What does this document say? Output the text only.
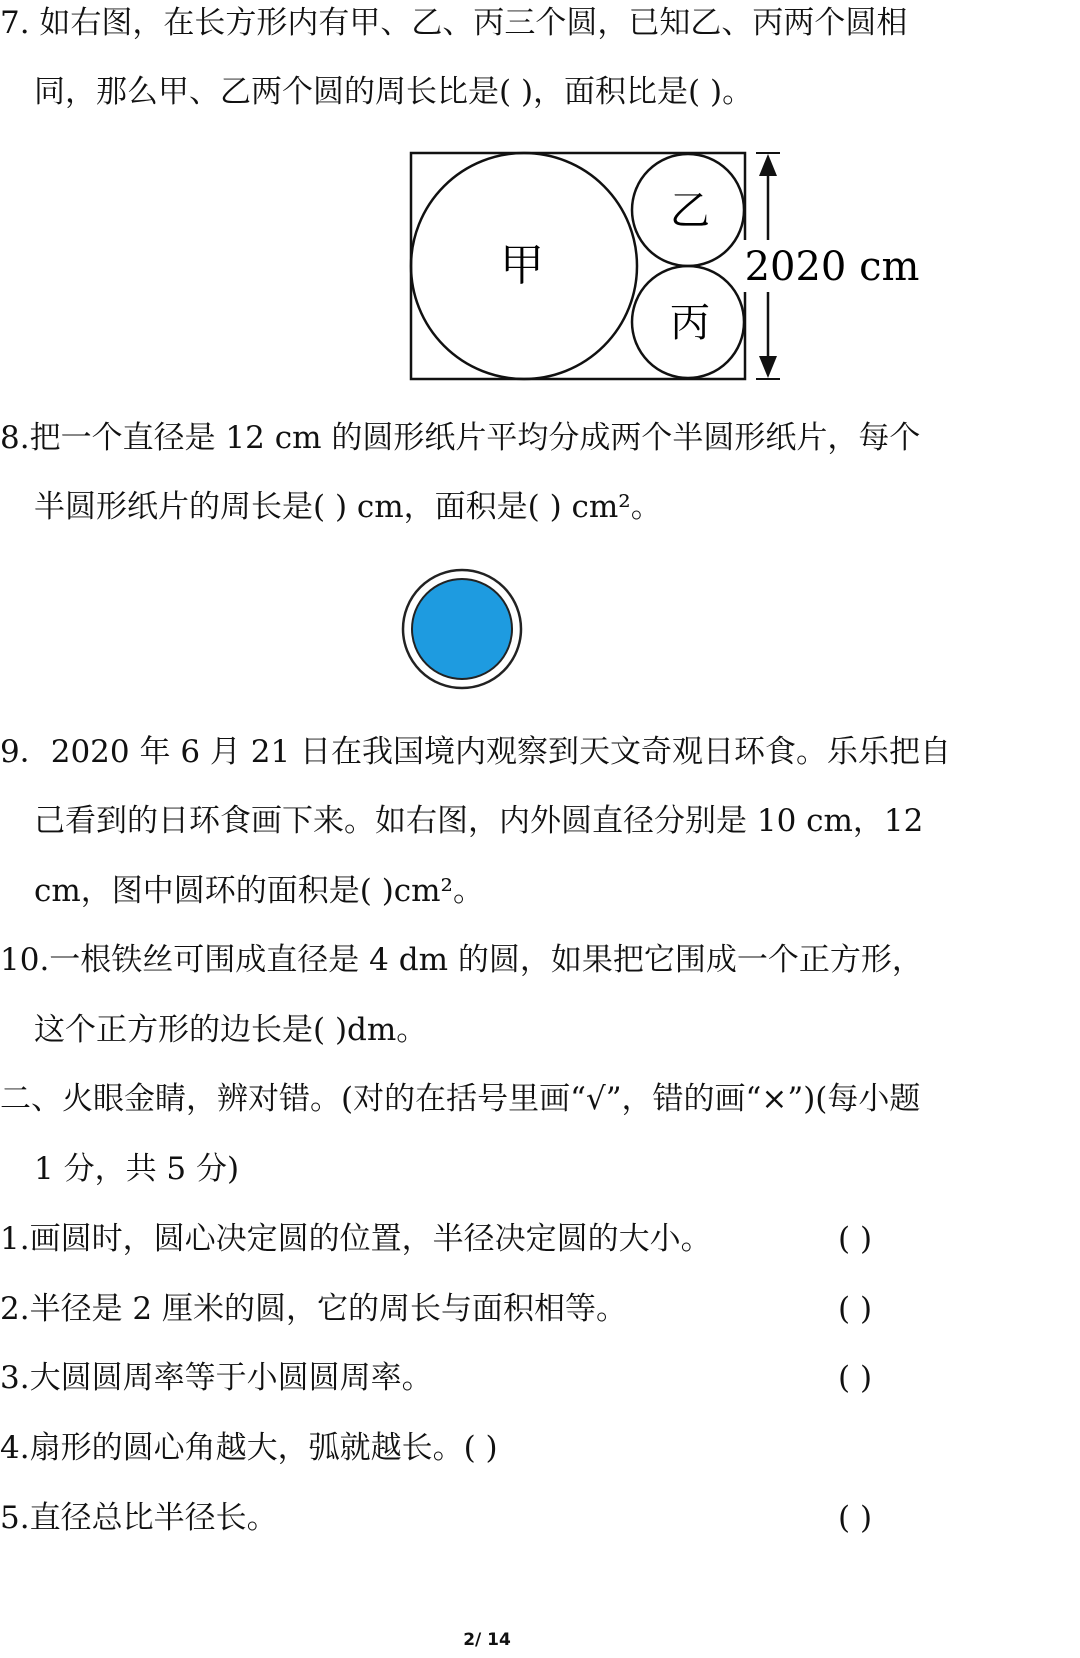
7. 如右图，在长方形内有甲、乙、丙三个圆，已知乙、丙两个圆相
同，那么甲、乙两个圆的周长比是( )，面积比是( )。
甲
乙
丙
2020 cm
8.把一个直径是 12 cm 的圆形纸片平均分成两个半圆形纸片，每个
半圆形纸片的周长是( ) cm，面积是( ) cm²。
9．2020 年 6 月 21 日在我国境内观察到天文奇观日环食。乐乐把自
己看到的日环食画下来。如右图，内外圆直径分别是 10 cm，12
cm，图中圆环的面积是( )cm²。
10.一根铁丝可围成直径是 4 dm 的圆，如果把它围成一个正方形，
这个正方形的边长是( )dm。
二、火眼金睛，辨对错。(对的在括号里画“√”，错的画“×”)(每小题
1 分，共 5 分)
1.画圆时，圆心决定圆的位置，半径决定圆的大小。	( )
2.半径是 2 厘米的圆，它的周长与面积相等。	( )
3.大圆圆周率等于小圆圆周率。	( )
4.扇形的圆心角越大，弧就越长。( )
5.直径总比半径长。	( )
2/ 14
